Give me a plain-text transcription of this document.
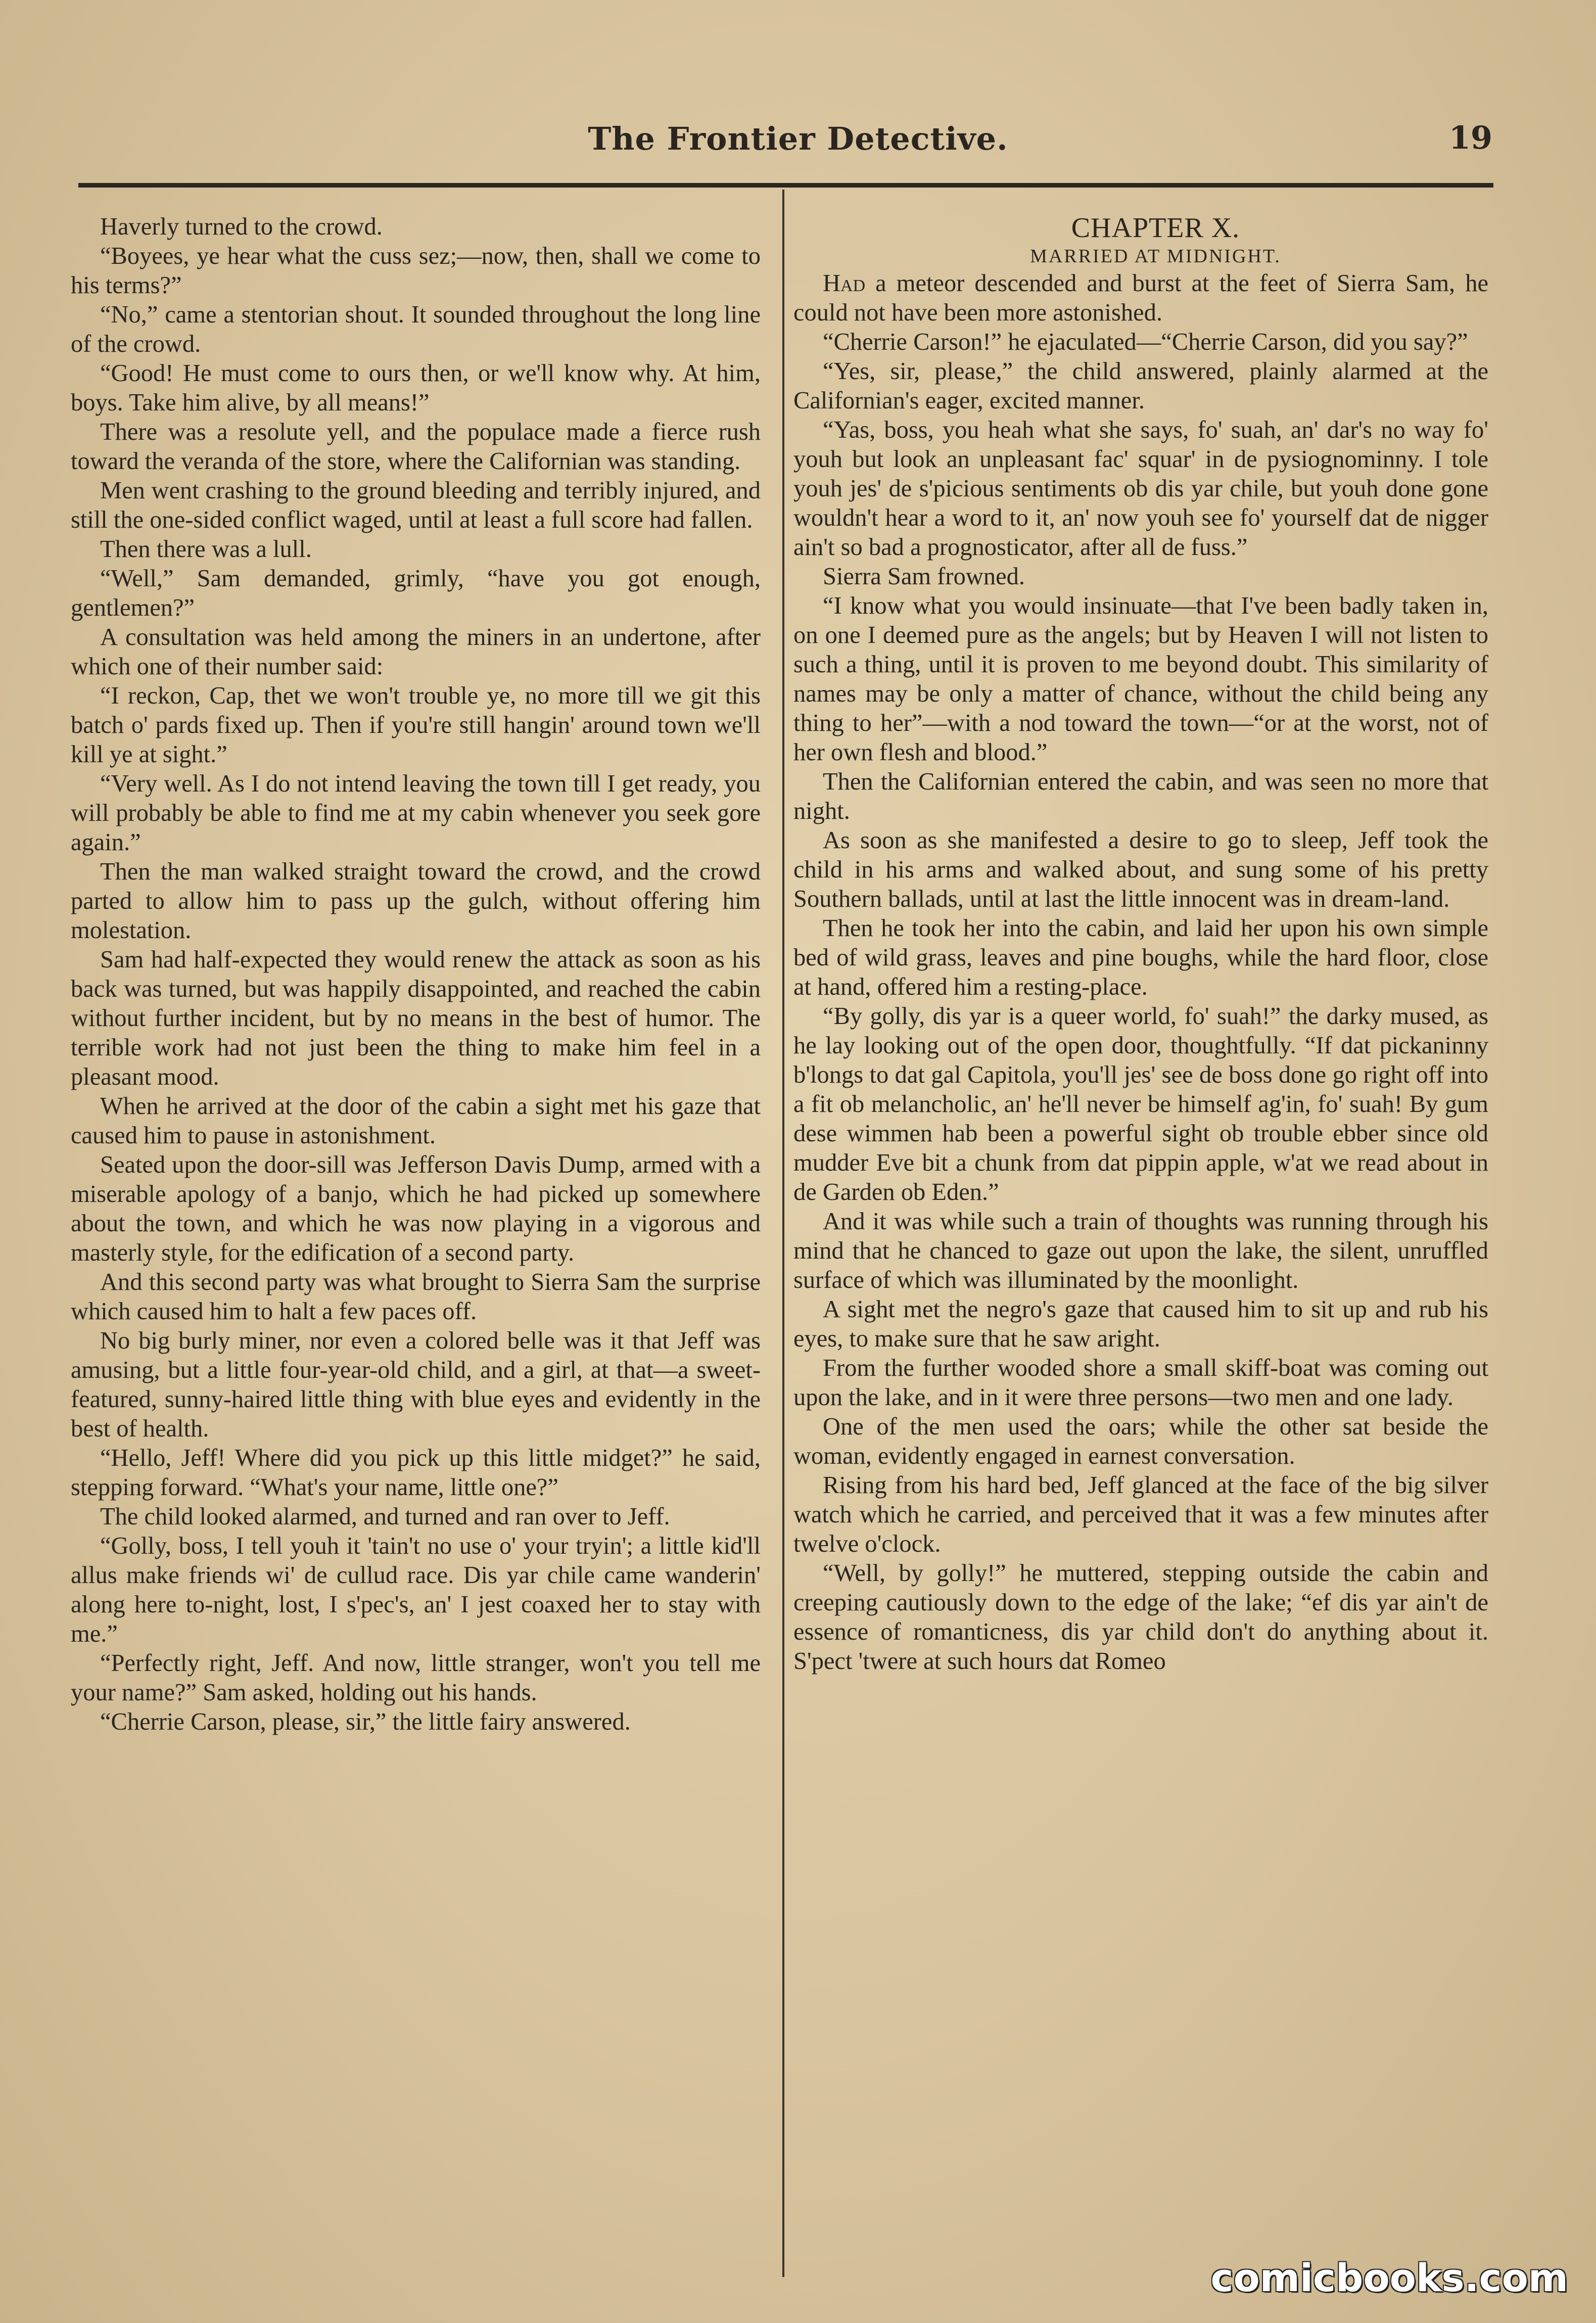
The Frontier Detective.	19

Haverly turned to the crowd.

“Boyees, ye hear what the cuss sez;—now, then, shall we come to his terms?”

“No,” came a stentorian shout. It sounded throughout the long line of the crowd.

“Good! He must come to ours then, or we'll know why. At him, boys. Take him alive, by all means!”

There was a resolute yell, and the populace made a fierce rush toward the veranda of the store, where the Californian was standing.

Men went crashing to the ground bleeding and terribly injured, and still the one-sided conflict waged, until at least a full score had fallen.

Then there was a lull.

“Well,” Sam demanded, grimly, “have you got enough, gentlemen?”

A consultation was held among the miners in an undertone, after which one of their number said:

“I reckon, Cap, thet we won't trouble ye, no more till we git this batch o' pards fixed up. Then if you're still hangin' around town we'll kill ye at sight.”

“Very well. As I do not intend leaving the town till I get ready, you will probably be able to find me at my cabin whenever you seek gore again.”

Then the man walked straight toward the crowd, and the crowd parted to allow him to pass up the gulch, without offering him molestation.

Sam had half-expected they would renew the attack as soon as his back was turned, but was happily disappointed, and reached the cabin without further incident, but by no means in the best of humor. The terrible work had not just been the thing to make him feel in a pleasant mood.

When he arrived at the door of the cabin a sight met his gaze that caused him to pause in astonishment.

Seated upon the door-sill was Jefferson Davis Dump, armed with a miserable apology of a banjo, which he had picked up somewhere about the town, and which he was now playing in a vigorous and masterly style, for the edification of a second party.

And this second party was what brought to Sierra Sam the surprise which caused him to halt a few paces off.

No big burly miner, nor even a colored belle was it that Jeff was amusing, but a little four-year-old child, and a girl, at that—a sweet-featured, sunny-haired little thing with blue eyes and evidently in the best of health.

“Hello, Jeff! Where did you pick up this little midget?” he said, stepping forward. “What's your name, little one?”

The child looked alarmed, and turned and ran over to Jeff.

“Golly, boss, I tell youh it 'tain't no use o' your tryin'; a little kid'll allus make friends wi' de cullud race. Dis yar chile came wanderin' along here to-night, lost, I s'pec's, an' I jest coaxed her to stay with me.”

“Perfectly right, Jeff. And now, little stranger, won't you tell me your name?” Sam asked, holding out his hands.

“Cherrie Carson, please, sir,” the little fairy answered.

CHAPTER X.

MARRIED AT MIDNIGHT.

Had a meteor descended and burst at the feet of Sierra Sam, he could not have been more astonished.

“Cherrie Carson!” he ejaculated—“Cherrie Carson, did you say?”

“Yes, sir, please,” the child answered, plainly alarmed at the Californian's eager, excited manner.

“Yas, boss, you heah what she says, fo' suah, an' dar's no way fo' youh but look an unpleasant fac' squar' in de pysiognominny. I tole youh jes' de s'picious sentiments ob dis yar chile, but youh done gone wouldn't hear a word to it, an' now youh see fo' yourself dat de nigger ain't so bad a prognosticator, after all de fuss.”

Sierra Sam frowned.

“I know what you would insinuate—that I've been badly taken in, on one I deemed pure as the angels; but by Heaven I will not listen to such a thing, until it is proven to me beyond doubt. This similarity of names may be only a matter of chance, without the child being any thing to her”—with a nod toward the town—“or at the worst, not of her own flesh and blood.”

Then the Californian entered the cabin, and was seen no more that night.

As soon as she manifested a desire to go to sleep, Jeff took the child in his arms and walked about, and sung some of his pretty Southern ballads, until at last the little innocent was in dream-land.

Then he took her into the cabin, and laid her upon his own simple bed of wild grass, leaves and pine boughs, while the hard floor, close at hand, offered him a resting-place.

“By golly, dis yar is a queer world, fo' suah!” the darky mused, as he lay looking out of the open door, thoughtfully. “If dat pickaninny b'longs to dat gal Capitola, you'll jes' see de boss done go right off into a fit ob melancholic, an' he'll never be himself ag'in, fo' suah! By gum dese wimmen hab been a powerful sight ob trouble ebber since old mudder Eve bit a chunk from dat pippin apple, w'at we read about in de Garden ob Eden.”

And it was while such a train of thoughts was running through his mind that he chanced to gaze out upon the lake, the silent, unruffled surface of which was illuminated by the moonlight.

A sight met the negro's gaze that caused him to sit up and rub his eyes, to make sure that he saw aright.

From the further wooded shore a small skiff-boat was coming out upon the lake, and in it were three persons—two men and one lady.

One of the men used the oars; while the other sat beside the woman, evidently engaged in earnest conversation.

Rising from his hard bed, Jeff glanced at the face of the big silver watch which he carried, and perceived that it was a few minutes after twelve o'clock.

“Well, by golly!” he muttered, stepping outside the cabin and creeping cautiously down to the edge of the lake; “ef dis yar ain't de essence of romanticness, dis yar child don't do anything about it. S'pect 'twere at such hours dat Romeo

comicbooks.com
